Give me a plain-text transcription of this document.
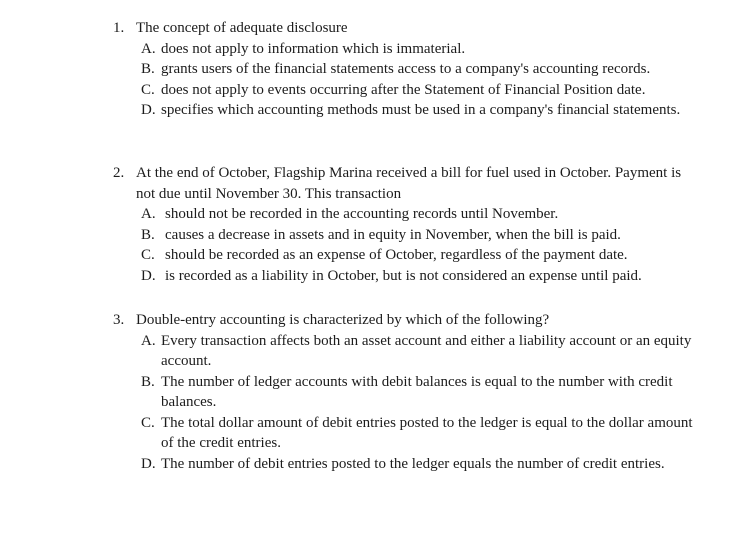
1. The concept of adequate disclosure
A. does not apply to information which is immaterial.
B. grants users of the financial statements access to a company's accounting records.
C. does not apply to events occurring after the Statement of Financial Position date.
D. specifies which accounting methods must be used in a company's financial statements.
2. At the end of October, Flagship Marina received a bill for fuel used in October. Payment is not due until November 30. This transaction
A. should not be recorded in the accounting records until November.
B. causes a decrease in assets and in equity in November, when the bill is paid.
C. should be recorded as an expense of October, regardless of the payment date.
D. is recorded as a liability in October, but is not considered an expense until paid.
3. Double-entry accounting is characterized by which of the following?
A. Every transaction affects both an asset account and either a liability account or an equity account.
B. The number of ledger accounts with debit balances is equal to the number with credit balances.
C. The total dollar amount of debit entries posted to the ledger is equal to the dollar amount of the credit entries.
D. The number of debit entries posted to the ledger equals the number of credit entries.
